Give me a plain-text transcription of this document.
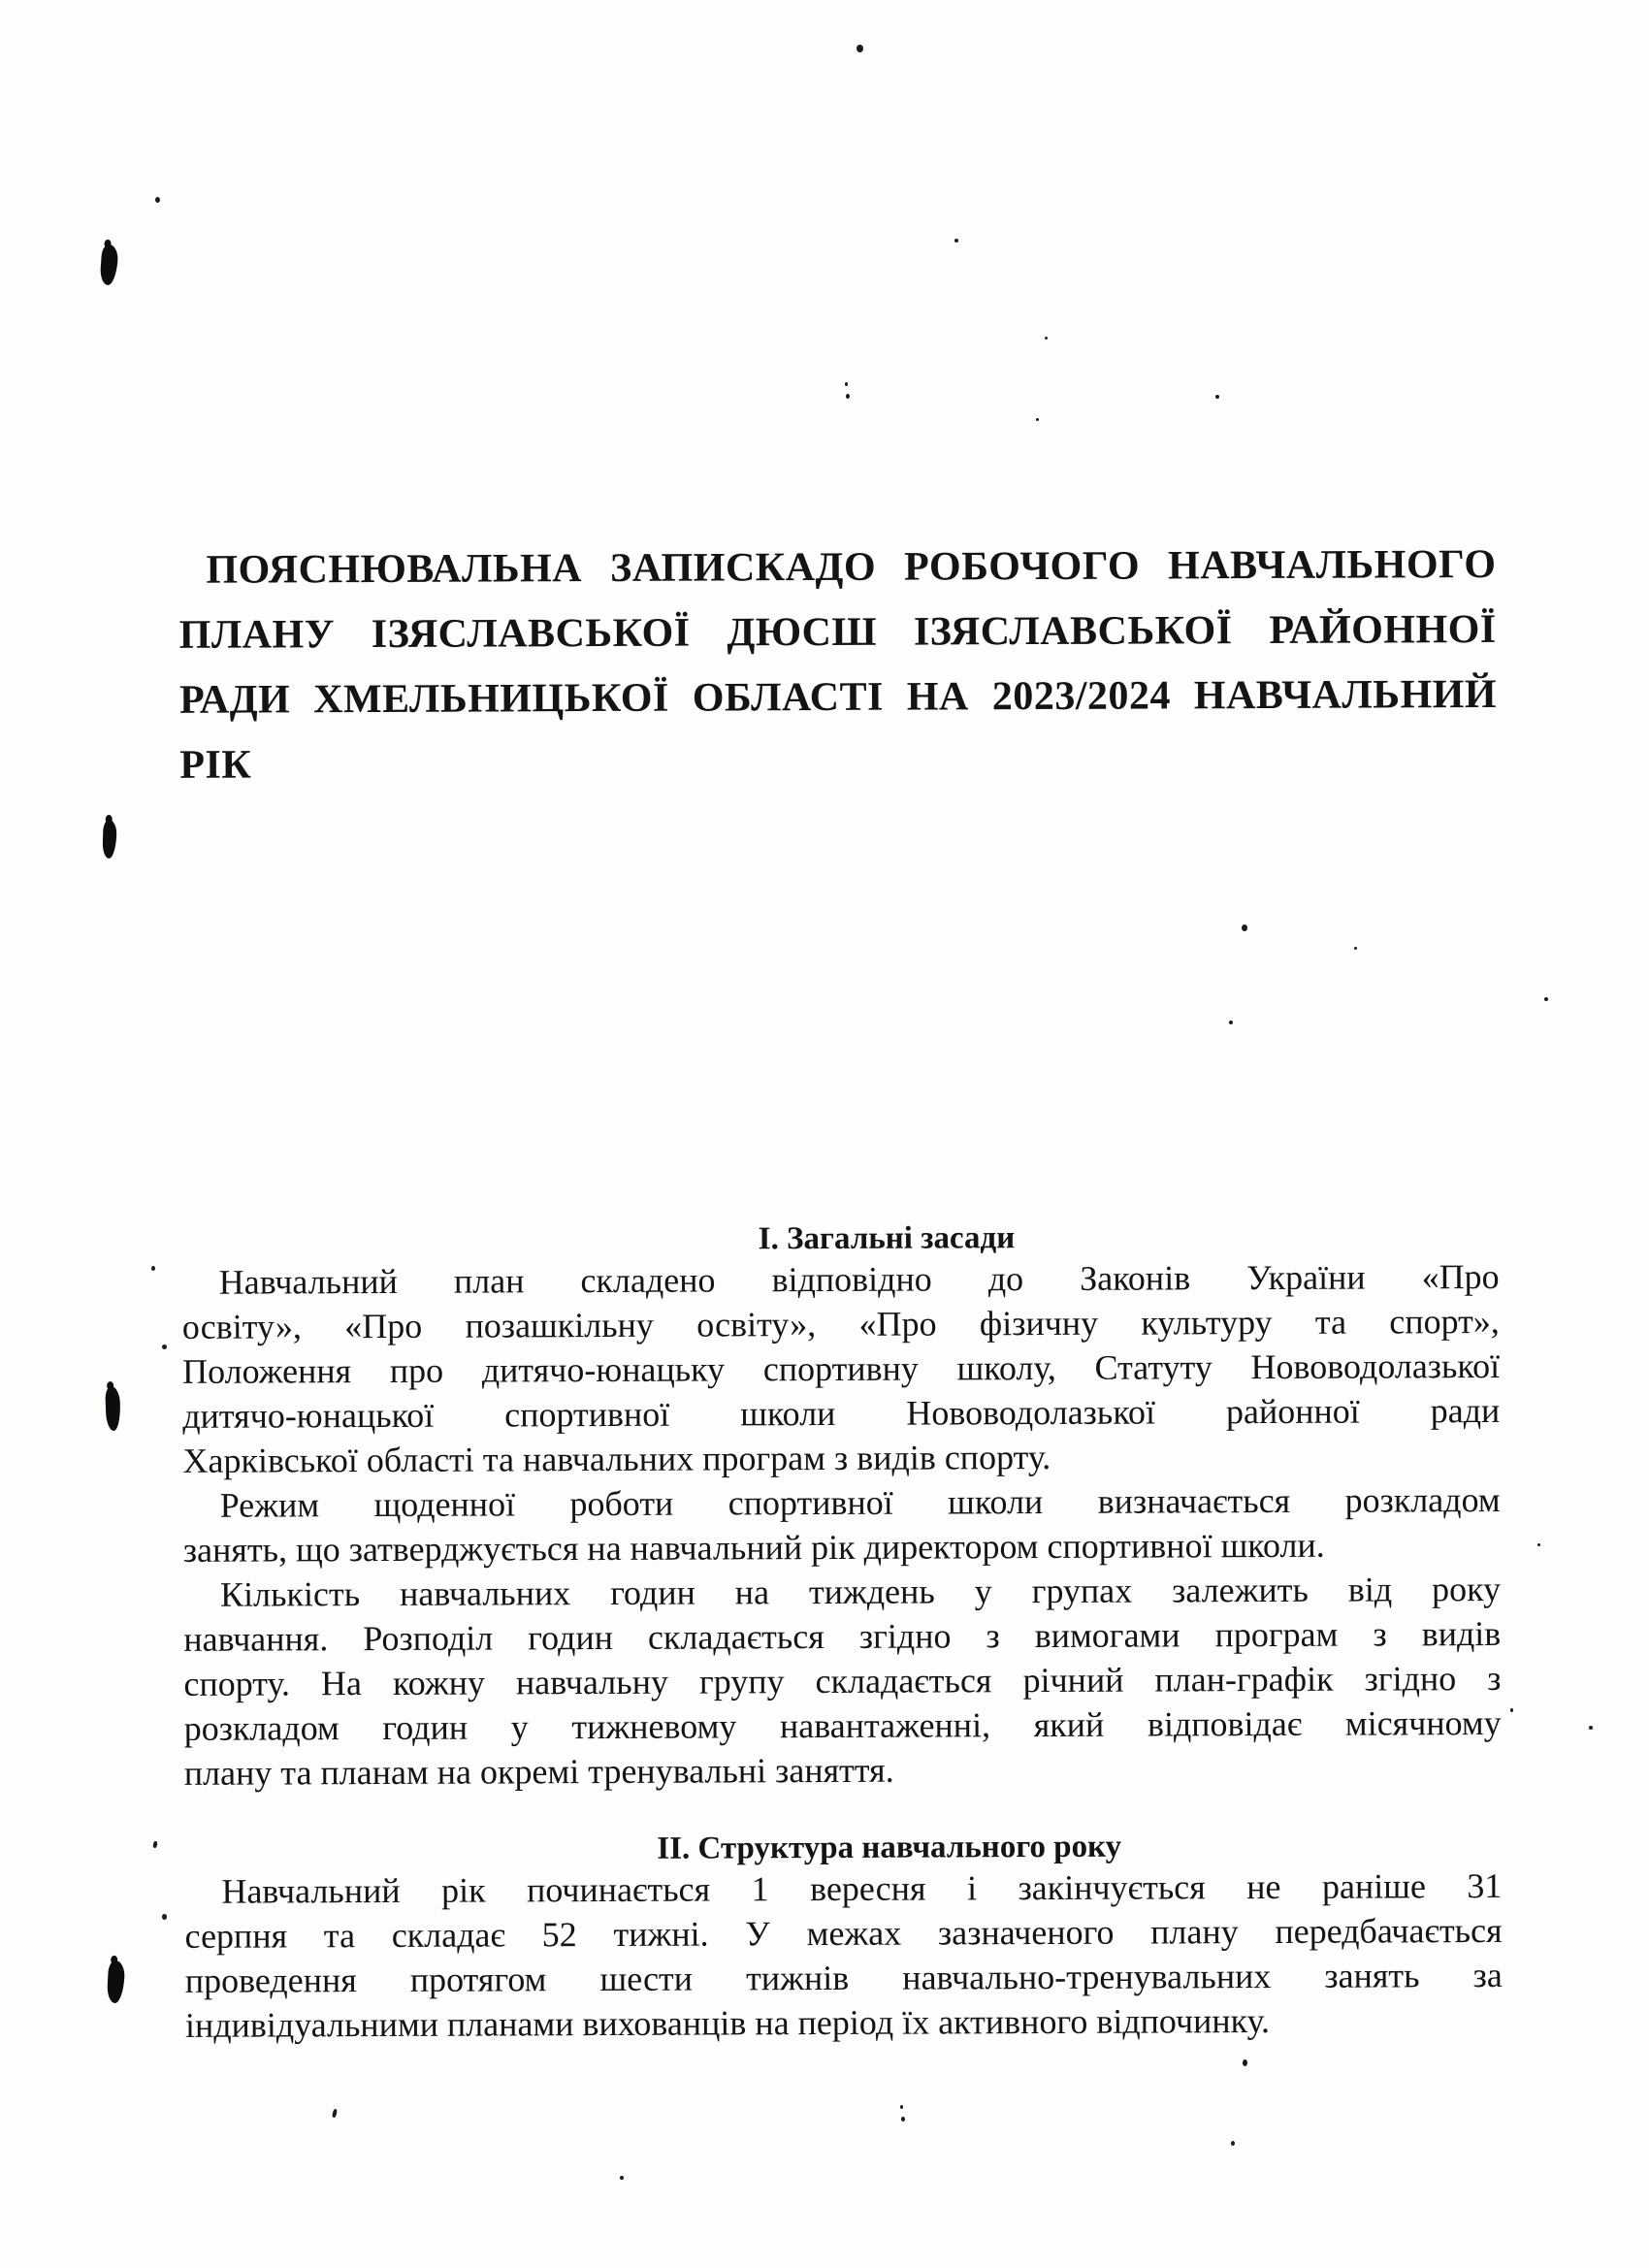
ПОЯСНЮВАЛЬНА ЗАПИСКАДО РОБОЧОГО НАВЧАЛЬНОГО
ПЛАНУ ІЗЯСЛАВСЬКОЇ ДЮСШ ІЗЯСЛАВСЬКОЇ РАЙОННОЇ
РАДИ ХМЕЛЬНИЦЬКОЇ ОБЛАСТІ НА 2023/2024 НАВЧАЛЬНИЙ
РІК
І. Загальні засади
Навчальний план складено відповідно до Законів України «Про
освіту», «Про позашкільну освіту», «Про фізичну культуру та спорт»,
Положення про дитячо-юнацьку спортивну школу, Статуту Нововодолазької
дитячо-юнацької спортивної школи Нововодолазької районної ради
Харківської області та навчальних програм з видів спорту.
Режим щоденної роботи спортивної школи визначається розкладом
занять, що затверджується на навчальний рік директором спортивної школи.
Кількість навчальних годин на тиждень у групах залежить від року
навчання. Розподіл годин складається згідно з вимогами програм з видів
спорту. На кожну навчальну групу складається річний план-графік згідно з
розкладом годин у тижневому навантаженні, який відповідає місячному
плану та планам на окремі тренувальні заняття.
ІІ. Структура навчального року
Навчальний рік починається 1 вересня і закінчується не раніше 31
серпня та складає 52 тижні. У межах зазначеного плану передбачається
проведення протягом шести тижнів навчально-тренувальних занять за
індивідуальними планами вихованців на період їх активного відпочинку.
